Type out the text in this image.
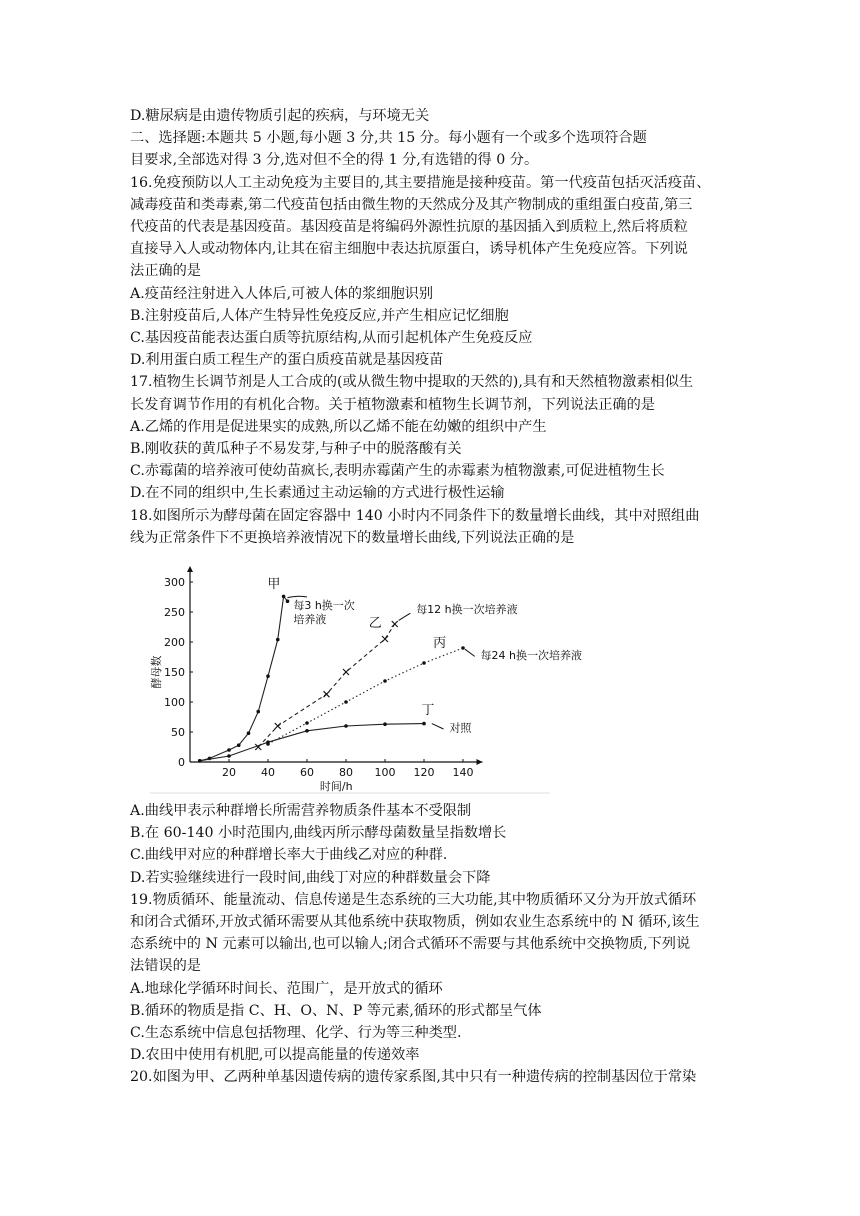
D.糖尿病是由遗传物质引起的疾病，与环境无关
二、选择题:本题共 5 小题,每小题 3 分,共 15 分。每小题有一个或多个选项符合题
目要求,全部选对得 3 分,选对但不全的得 1 分,有选错的得 0 分。
16.免疫预防以人工主动免疫为主要目的,其主要措施是接种疫苗。第一代疫苗包括灭活疫苗、
减毒疫苗和类毒素,第二代疫苗包括由微生物的天然成分及其产物制成的重组蛋白疫苗,第三
代疫苗的代表是基因疫苗。基因疫苗是将编码外源性抗原的基因插入到质粒上,然后将质粒
直接导入人或动物体内,让其在宿主细胞中表达抗原蛋白，诱导机体产生免疫应答。下列说
法正确的是
A.疫苗经注射进入人体后,可被人体的浆细胞识别
B.注射疫苗后,人体产生特异性免疫反应,并产生相应记忆细胞
C.基因疫苗能表达蛋白质等抗原结构,从而引起机体产生免疫反应
D.利用蛋白质工程生产的蛋白质疫苗就是基因疫苗
17.植物生长调节剂是人工合成的(或从微生物中提取的天然的),具有和天然植物激素相似生
长发育调节作用的有机化合物。关于植物激素和植物生长调节剂，下列说法正确的是
A.乙烯的作用是促进果实的成熟,所以乙烯不能在幼嫩的组织中产生
B.刚收获的黄瓜种子不易发芽,与种子中的脱落酸有关
C.赤霉菌的培养液可使幼苗疯长,表明赤霉菌产生的赤霉素为植物激素,可促进植物生长
D.在不同的组织中,生长素通过主动运输的方式进行极性运输
18.如图所示为酵母菌在固定容器中 140 小时内不同条件下的数量增长曲线，其中对照组曲
线为正常条件下不更换培养液情况下的数量增长曲线,下列说法正确的是
20 40 60 80 100 120 140
0
50
100
150
200
250
300
时间/h
酵母数
甲
乙
丙
丁
每3 h换一次
培养液
每12 h换一次培养液
每24 h换一次培养液
对照
A.曲线甲表示种群增长所需营养物质条件基本不受限制
B.在 60-140 小时范围内,曲线丙所示酵母菌数量呈指数增长
C.曲线甲对应的种群增长率大于曲线乙对应的种群.
D.若实验继续进行一段时间,曲线丁对应的种群数量会下降
19.物质循环、能量流动、信息传递是生态系统的三大功能,其中物质循环又分为开放式循环
和闭合式循环,开放式循环需要从其他系统中获取物质，例如农业生态系统中的 N 循环,该生
态系统中的 N 元素可以输出,也可以输人;闭合式循环不需要与其他系统中交换物质,下列说
法错误的是
A.地球化学循环时间长、范围广，是开放式的循环
B.循环的物质是指 C、H、O、N、P 等元素,循环的形式都呈气体
C.生态系统中信息包括物理、化学、行为等三种类型.
D.农田中使用有机肥,可以提高能量的传递效率
20.如图为甲、乙两种单基因遗传病的遗传家系图,其中只有一种遗传病的控制基因位于常染
